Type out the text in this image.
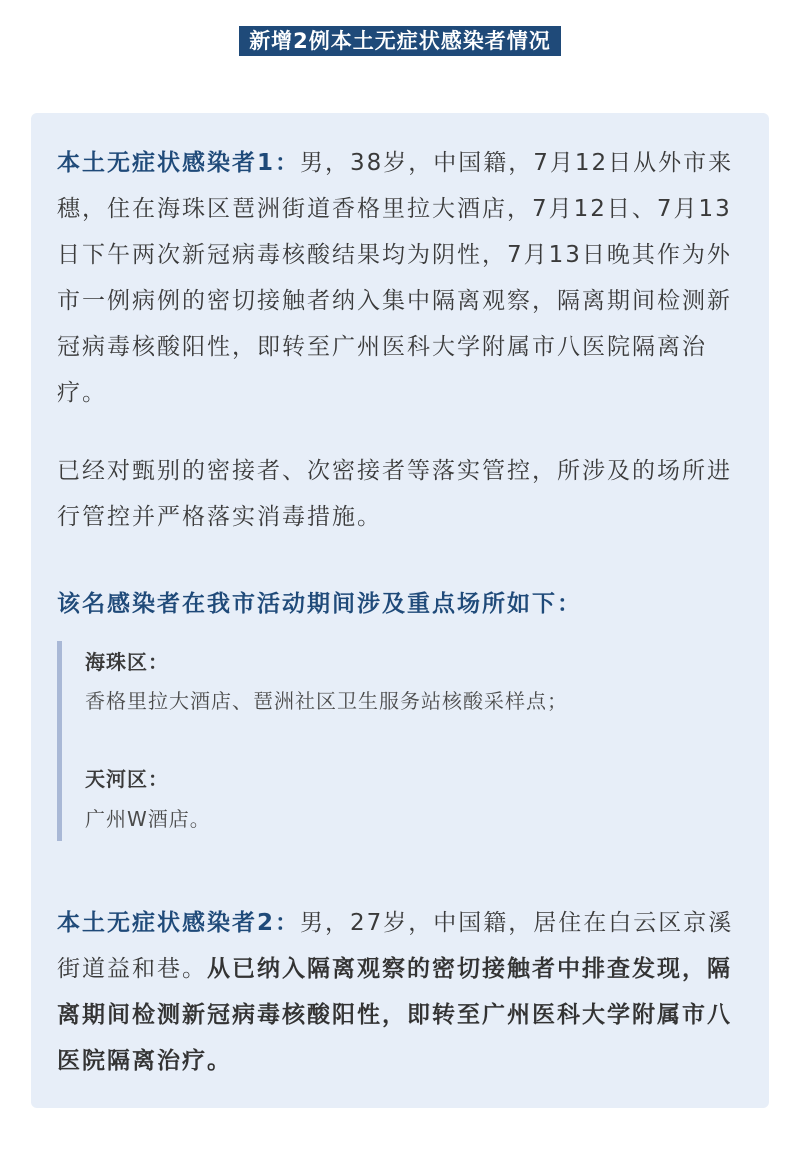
新增2例本土无症状感染者情况

本土无症状感染者1：男，38岁，中国籍，7月12日从外市来穗，住在海珠区琶洲街道香格里拉大酒店，7月12日、7月13日下午两次新冠病毒核酸结果均为阴性，7月13日晚其作为外市一例病例的密切接触者纳入集中隔离观察，隔离期间检测新冠病毒核酸阳性，即转至广州医科大学附属市八医院隔离治疗。

已经对甄别的密接者、次密接者等落实管控，所涉及的场所进行管控并严格落实消毒措施。

该名感染者在我市活动期间涉及重点场所如下：

海珠区：
香格里拉大酒店、琶洲社区卫生服务站核酸采样点；
天河区：
广州W酒店。

本土无症状感染者2：男，27岁，中国籍，居住在白云区京溪街道益和巷。从已纳入隔离观察的密切接触者中排查发现，隔离期间检测新冠病毒核酸阳性，即转至广州医科大学附属市八医院隔离治疗。
